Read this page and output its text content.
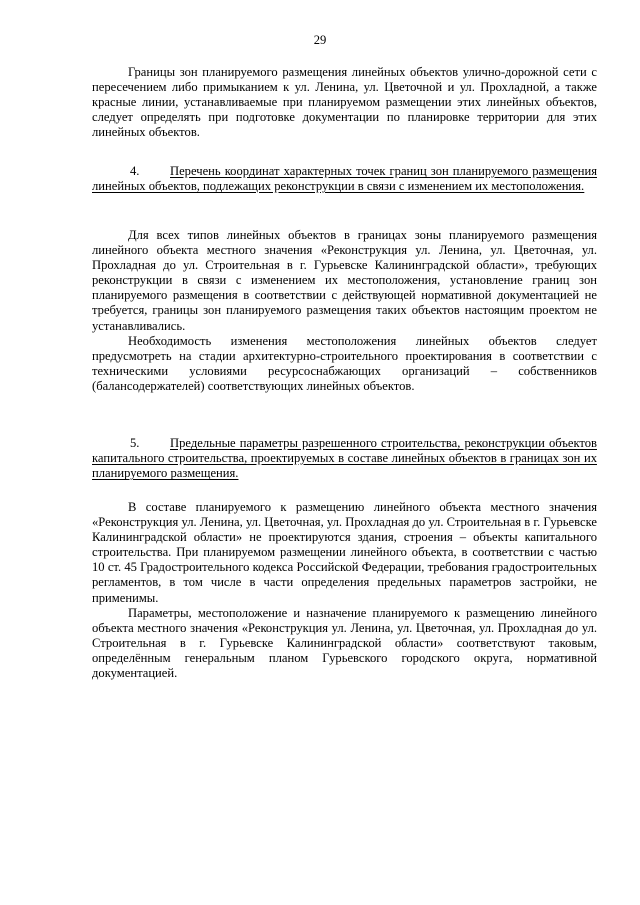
29

Границы зон планируемого размещения линейных объектов улично-дорожной сети с пересечением либо примыканием к ул. Ленина, ул. Цветочной и ул. Прохладной, а также красные линии, устанавливаемые при планируемом размещении этих линейных объектов, следует определять при подготовке документации по планировке территории для этих линейных объектов.

4. Перечень координат характерных точек границ зон планируемого размещения линейных объектов, подлежащих реконструкции в связи с изменением их местоположения.

Для всех типов линейных объектов в границах зоны планируемого размещения линейного объекта местного значения «Реконструкция ул. Ленина, ул. Цветочная, ул. Прохладная до ул. Строительная в г. Гурьевске Калининградской области», требующих реконструкции в связи с изменением их местоположения, установление границ зон планируемого размещения в соответствии с действующей нормативной документацией не требуется, границы зон планируемого размещения таких объектов настоящим проектом не устанавливались.

Необходимость изменения местоположения линейных объектов следует предусмотреть на стадии архитектурно-строительного проектирования в соответствии с техническими условиями ресурсоснабжающих организаций – собственников (балансодержателей) соответствующих линейных объектов.

5. Предельные параметры разрешенного строительства, реконструкции объектов капитального строительства, проектируемых в составе линейных объектов в границах зон их планируемого размещения.

В составе планируемого к размещению линейного объекта местного значения «Реконструкция ул. Ленина, ул. Цветочная, ул. Прохладная до ул. Строительная в г. Гурьевске Калининградской области» не проектируются здания, строения – объекты капитального строительства. При планируемом размещении линейного объекта, в соответствии с частью 10 ст. 45 Градостроительного кодекса Российской Федерации, требования градостроительных регламентов, в том числе в части определения предельных параметров застройки, не применимы.

Параметры, местоположение и назначение планируемого к размещению линейного объекта местного значения «Реконструкция ул. Ленина, ул. Цветочная, ул. Прохладная до ул. Строительная в г. Гурьевске Калининградской области» соответствуют таковым, определённым генеральным планом Гурьевского городского округа, нормативной документацией.
